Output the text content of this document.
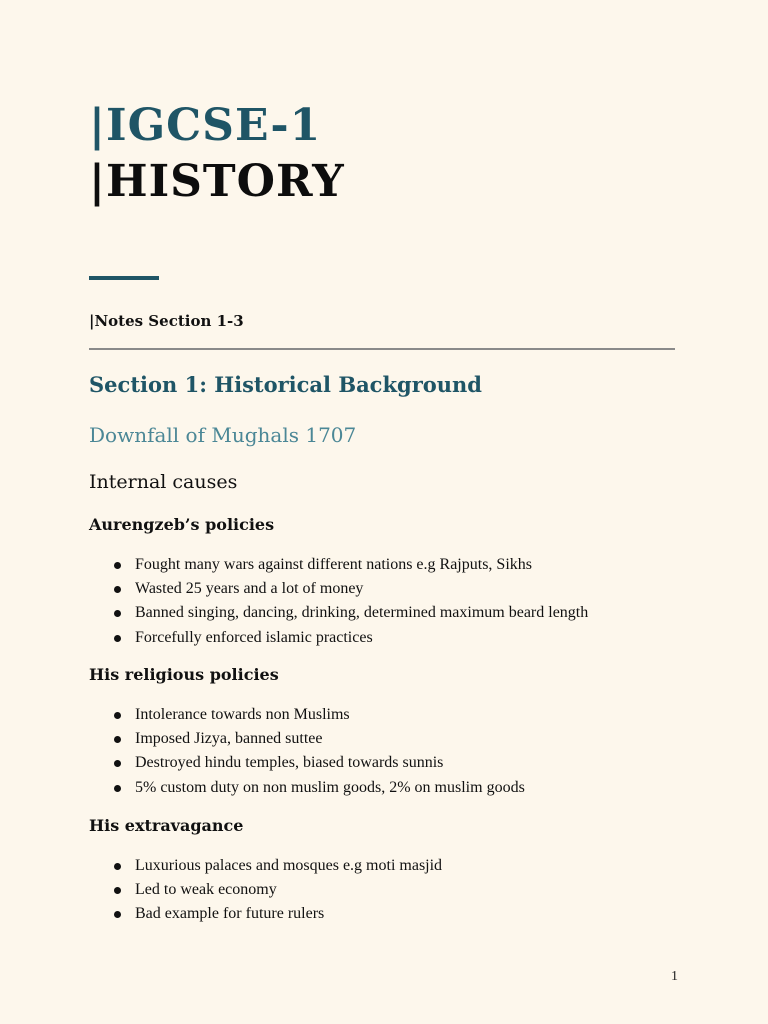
|IGCSE-1
|HISTORY

|Notes Section 1-3

Section 1: Historical Background
Downfall of Mughals 1707
Internal causes
Aurengzeb’s policies
Fought many wars against different nations e.g Rajputs, Sikhs
Wasted 25 years and a lot of money
Banned singing, dancing, drinking, determined maximum beard length
Forcefully enforced islamic practices
His religious policies
Intolerance towards non Muslims
Imposed Jizya, banned suttee
Destroyed hindu temples, biased towards sunnis
5% custom duty on non muslim goods, 2% on muslim goods
His extravagance
Luxurious palaces and mosques e.g moti masjid
Led to weak economy
Bad example for future rulers

1
